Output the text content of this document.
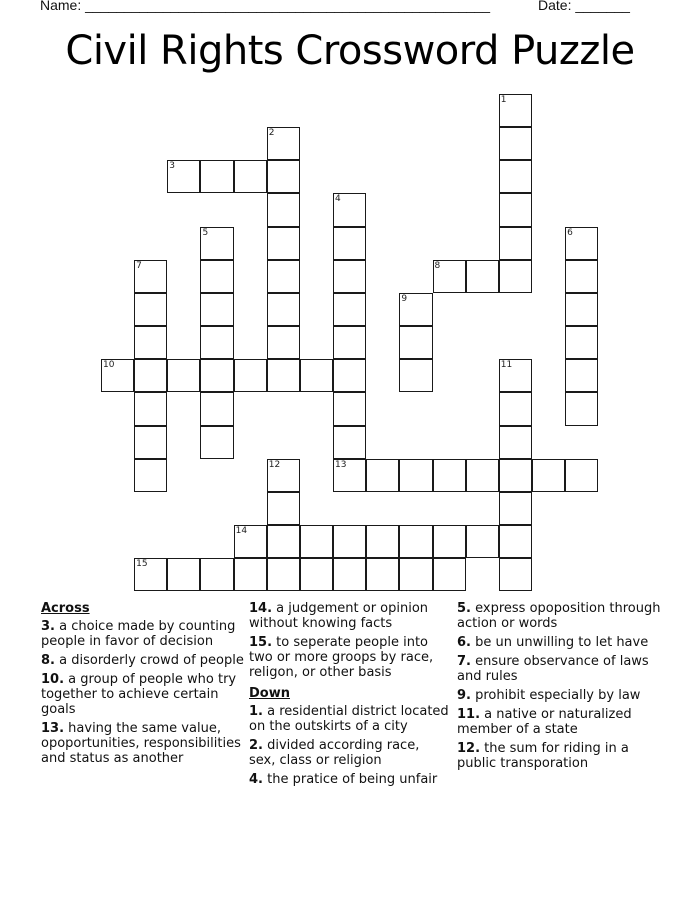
Name: ____________________________________________________	Date: _______
Civil Rights Crossword Puzzle
1
2
3
4
13
5	6
7	8
9
10	11
12
14
15
Across
3. a choice made by counting people in favor of decision
8. a disorderly crowd of people
10. a group of people who try together to achieve certain goals
13. having the same value, opoportunities, responsibilities and status as another
14. a judgement or opinion without knowing facts
15. to seperate people into two or more groops by race, religon, or other basis
Down
1. a residential district located on the outskirts of a city
2. divided according race, sex, class or religion
4. the pratice of being unfair
5. express opoposition through action or words
6. be un unwilling to let have
7. ensure observance of laws and rules
9. prohibit especially by law
11. a native or naturalized member of a state
12. the sum for riding in a public transporation
